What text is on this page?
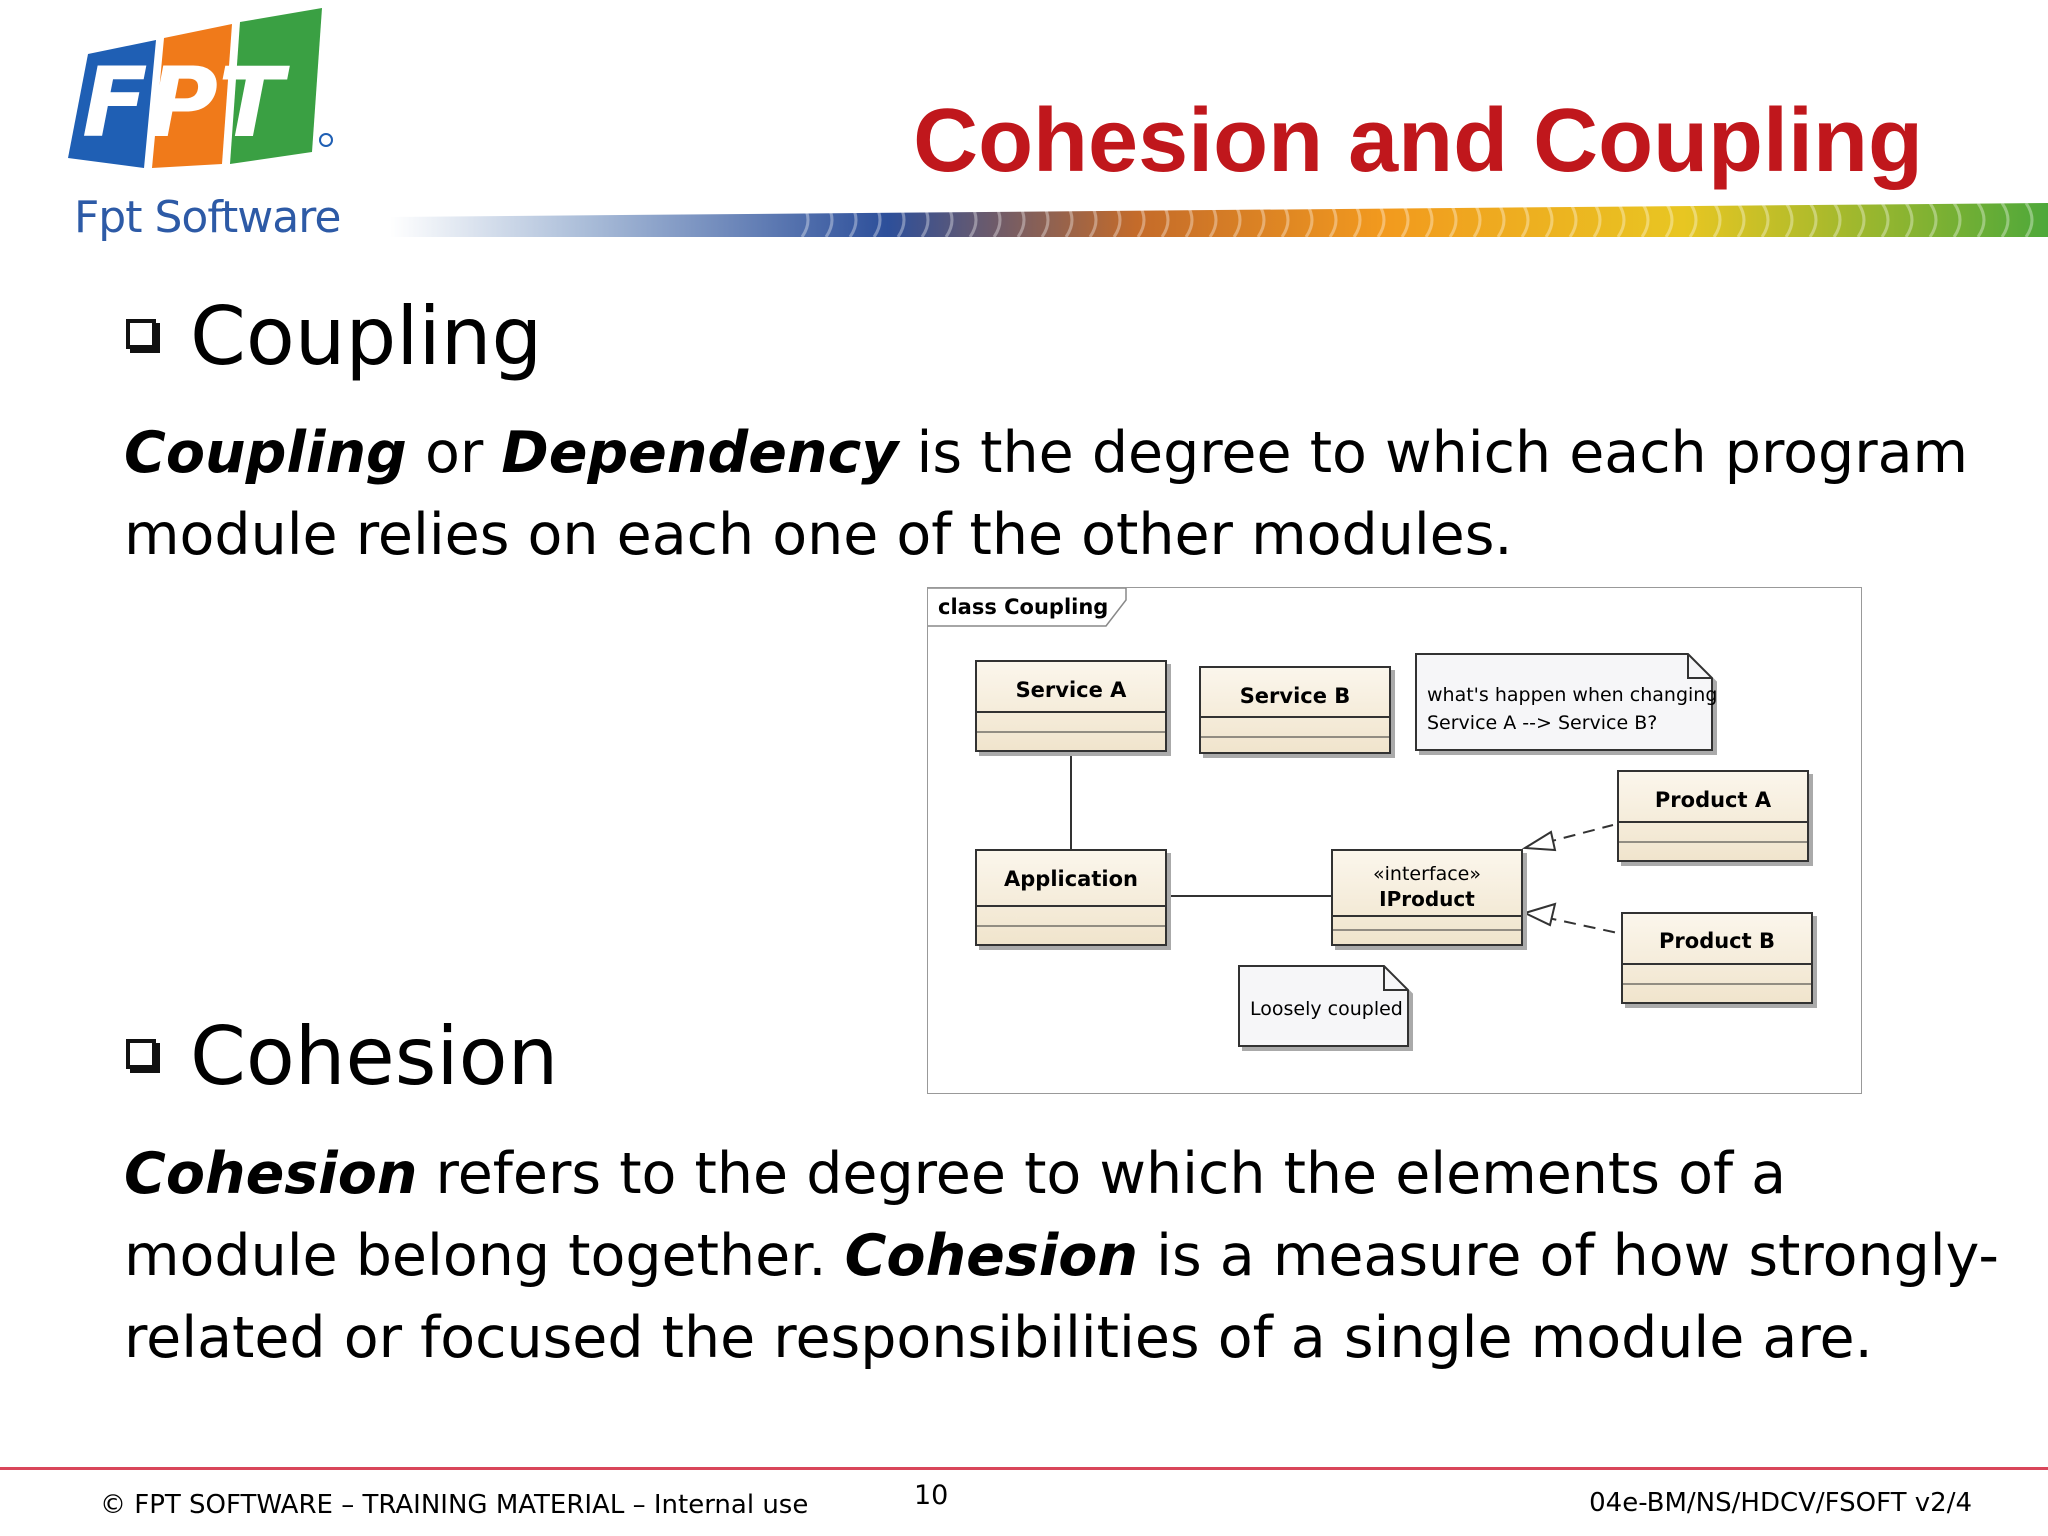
FPT
Fpt Software
Cohesion and Coupling
Coupling
Coupling or Dependency is the degree to which each program module relies on each one of the other modules.
class Coupling
Service A	Service B	what's happen when changing
Service A --> Service B?
Product A
Application	«interface»
IProduct
Product B
Loosely coupled
Cohesion
Cohesion refers to the degree to which the elements of a module belong together. Cohesion is a measure of how strongly-related or focused the responsibilities of a single module are.
© FPT SOFTWARE – TRAINING MATERIAL – Internal use	10	04e-BM/NS/HDCV/FSOFT v2/4
